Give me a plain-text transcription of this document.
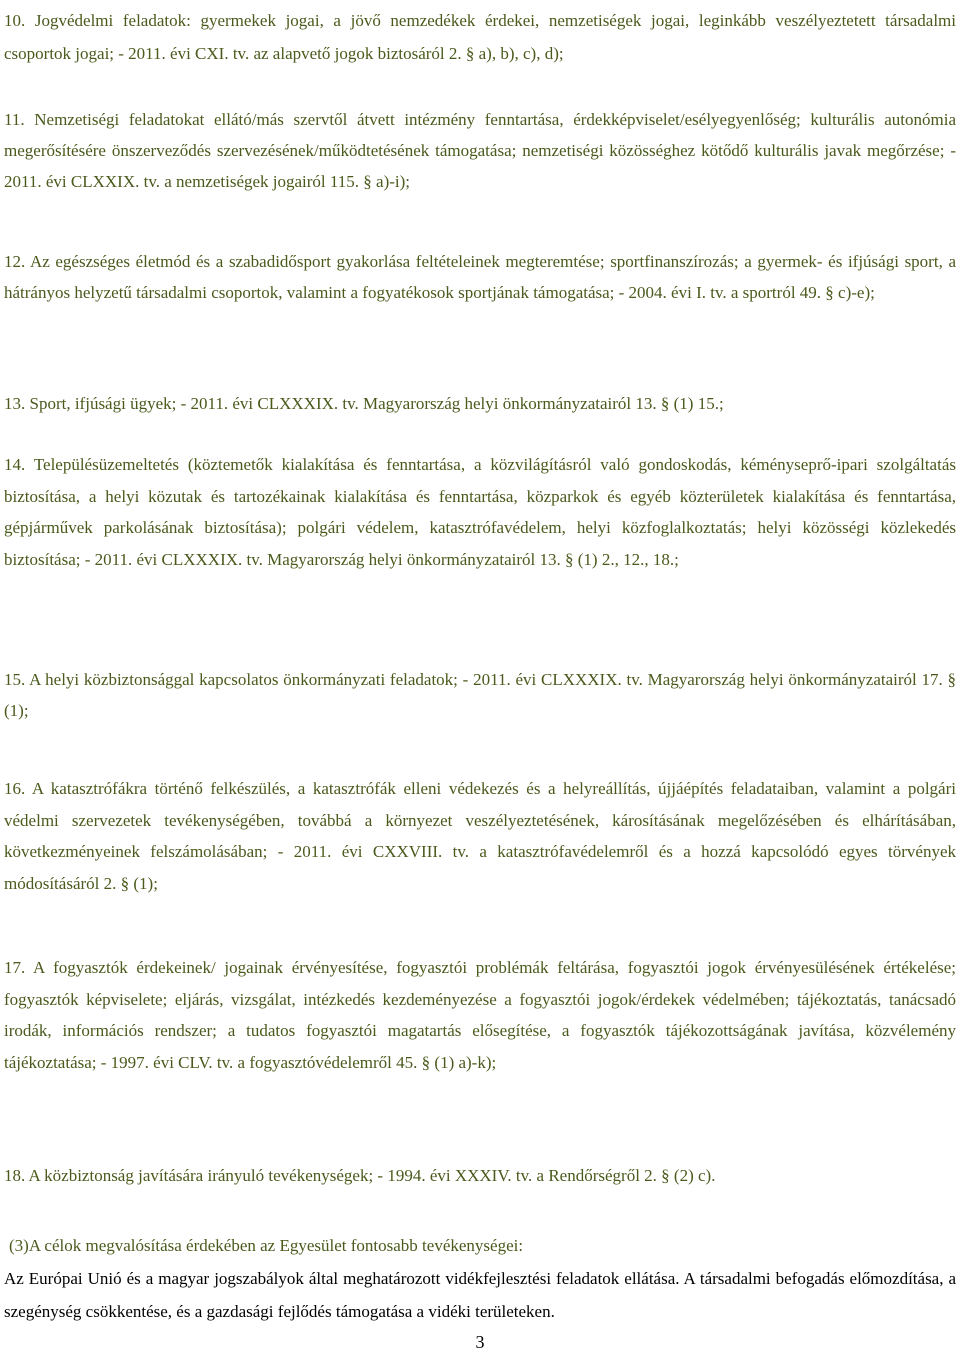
10. Jogvédelmi feladatok: gyermekek jogai, a jövő nemzedékek érdekei, nemzetiségek jogai, leginkább veszélyeztetett társadalmi csoportok jogai; - 2011. évi CXI. tv. az alapvető jogok biztosáról 2. § a), b), c), d);

11. Nemzetiségi feladatokat ellátó/más szervtől átvett intézmény fenntartása, érdekképviselet/esélyegyenlőség; kulturális autonómia megerősítésére önszerveződés szervezésének/működtetésének támogatása; nemzetiségi közösséghez kötődő kulturális javak megőrzése; - 2011. évi CLXXIX. tv. a nemzetiségek jogairól 115. § a)-i);

12. Az egészséges életmód és a szabadidősport gyakorlása feltételeinek megteremtése; sportfinanszírozás; a gyermek- és ifjúsági sport, a hátrányos helyzetű társadalmi csoportok, valamint a fogyatékosok sportjának támogatása; - 2004. évi I. tv. a sportról 49. § c)-e);

13. Sport, ifjúsági ügyek; - 2011. évi CLXXXIX. tv. Magyarország helyi önkormányzatairól 13. § (1) 15.;

14. Településüzemeltetés (köztemetők kialakítása és fenntartása, a közvilágításról való gondoskodás, kéményseprő-ipari szolgáltatás biztosítása, a helyi közutak és tartozékainak kialakítása és fenntartása, közparkok és egyéb közterületek kialakítása és fenntartása, gépjárművek parkolásának biztosítása); polgári védelem, katasztrófavédelem, helyi közfoglalkoztatás; helyi közösségi közlekedés biztosítása; - 2011. évi CLXXXIX. tv. Magyarország helyi önkormányzatairól 13. § (1) 2., 12., 18.;

15. A helyi közbiztonsággal kapcsolatos önkormányzati feladatok; - 2011. évi CLXXXIX. tv. Magyarország helyi önkormányzatairól 17. § (1);

16. A katasztrófákra történő felkészülés, a katasztrófák elleni védekezés és a helyreállítás, újjáépítés feladataiban, valamint a polgári védelmi szervezetek tevékenységében, továbbá a környezet veszélyeztetésének, károsításának megelőzésében és elhárításában, következményeinek felszámolásában; - 2011. évi CXXVIII. tv. a katasztrófavédelemről és a hozzá kapcsolódó egyes törvények módosításáról 2. § (1);

17. A fogyasztók érdekeinek/ jogainak érvényesítése, fogyasztói problémák feltárása, fogyasztói jogok érvényesülésének értékelése; fogyasztók képviselete; eljárás, vizsgálat, intézkedés kezdeményezése a fogyasztói jogok/érdekek védelmében; tájékoztatás, tanácsadó irodák, információs rendszer; a tudatos fogyasztói magatartás elősegítése, a fogyasztók tájékozottságának javítása, közvélemény tájékoztatása; - 1997. évi CLV. tv. a fogyasztóvédelemről 45. § (1) a)-k);

18. A közbiztonság javítására irányuló tevékenységek; - 1994. évi XXXIV. tv. a Rendőrségről 2. § (2) c).

(3)A célok megvalósítása érdekében az Egyesület fontosabb tevékenységei:

Az Európai Unió és a magyar jogszabályok által meghatározott vidékfejlesztési feladatok ellátása. A társadalmi befogadás előmozdítása, a szegénység csökkentése, és a gazdasági fejlődés támogatása a vidéki területeken.

3
